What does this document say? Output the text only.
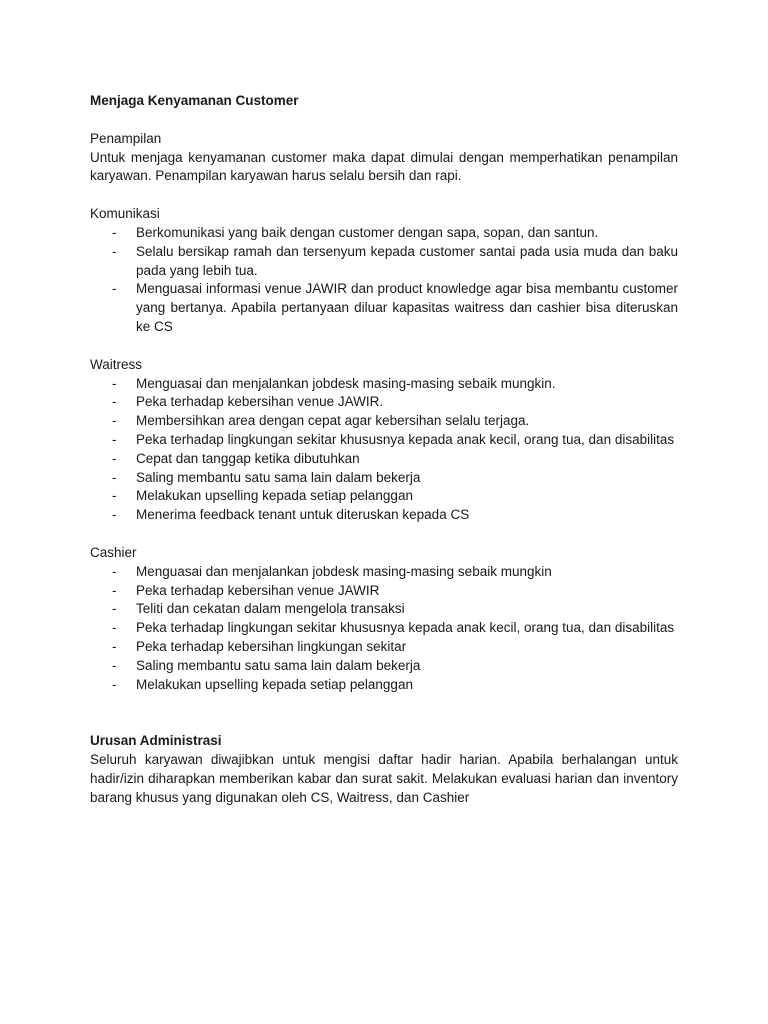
Menjaga Kenyamanan Customer

Penampilan

Untuk menjaga kenyamanan customer maka dapat dimulai dengan memperhatikan penampilan karyawan. Penampilan karyawan harus selalu bersih dan rapi.

Komunikasi

- Berkomunikasi yang baik dengan customer dengan sapa, sopan, dan santun.
- Selalu bersikap ramah dan tersenyum kepada customer santai pada usia muda dan baku pada yang lebih tua.
- Menguasai informasi venue JAWIR dan product knowledge agar bisa membantu customer yang bertanya. Apabila pertanyaan diluar kapasitas waitress dan cashier bisa diteruskan ke CS

Waitress

- Menguasai dan menjalankan jobdesk masing-masing sebaik mungkin.
- Peka terhadap kebersihan venue JAWIR.
- Membersihkan area dengan cepat agar kebersihan selalu terjaga.
- Peka terhadap lingkungan sekitar khususnya kepada anak kecil, orang tua, dan disabilitas
- Cepat dan tanggap ketika dibutuhkan
- Saling membantu satu sama lain dalam bekerja
- Melakukan upselling kepada setiap pelanggan
- Menerima feedback tenant untuk diteruskan kepada CS

Cashier

- Menguasai dan menjalankan jobdesk masing-masing sebaik mungkin
- Peka terhadap kebersihan venue JAWIR
- Teliti dan cekatan dalam mengelola transaksi
- Peka terhadap lingkungan sekitar khususnya kepada anak kecil, orang tua, dan disabilitas
- Peka terhadap kebersihan lingkungan sekitar
- Saling membantu satu sama lain dalam bekerja
- Melakukan upselling kepada setiap pelanggan

Urusan Administrasi

Seluruh karyawan diwajibkan untuk mengisi daftar hadir harian. Apabila berhalangan untuk hadir/izin diharapkan memberikan kabar dan surat sakit. Melakukan evaluasi harian dan inventory barang khusus yang digunakan oleh CS, Waitress, dan Cashier
